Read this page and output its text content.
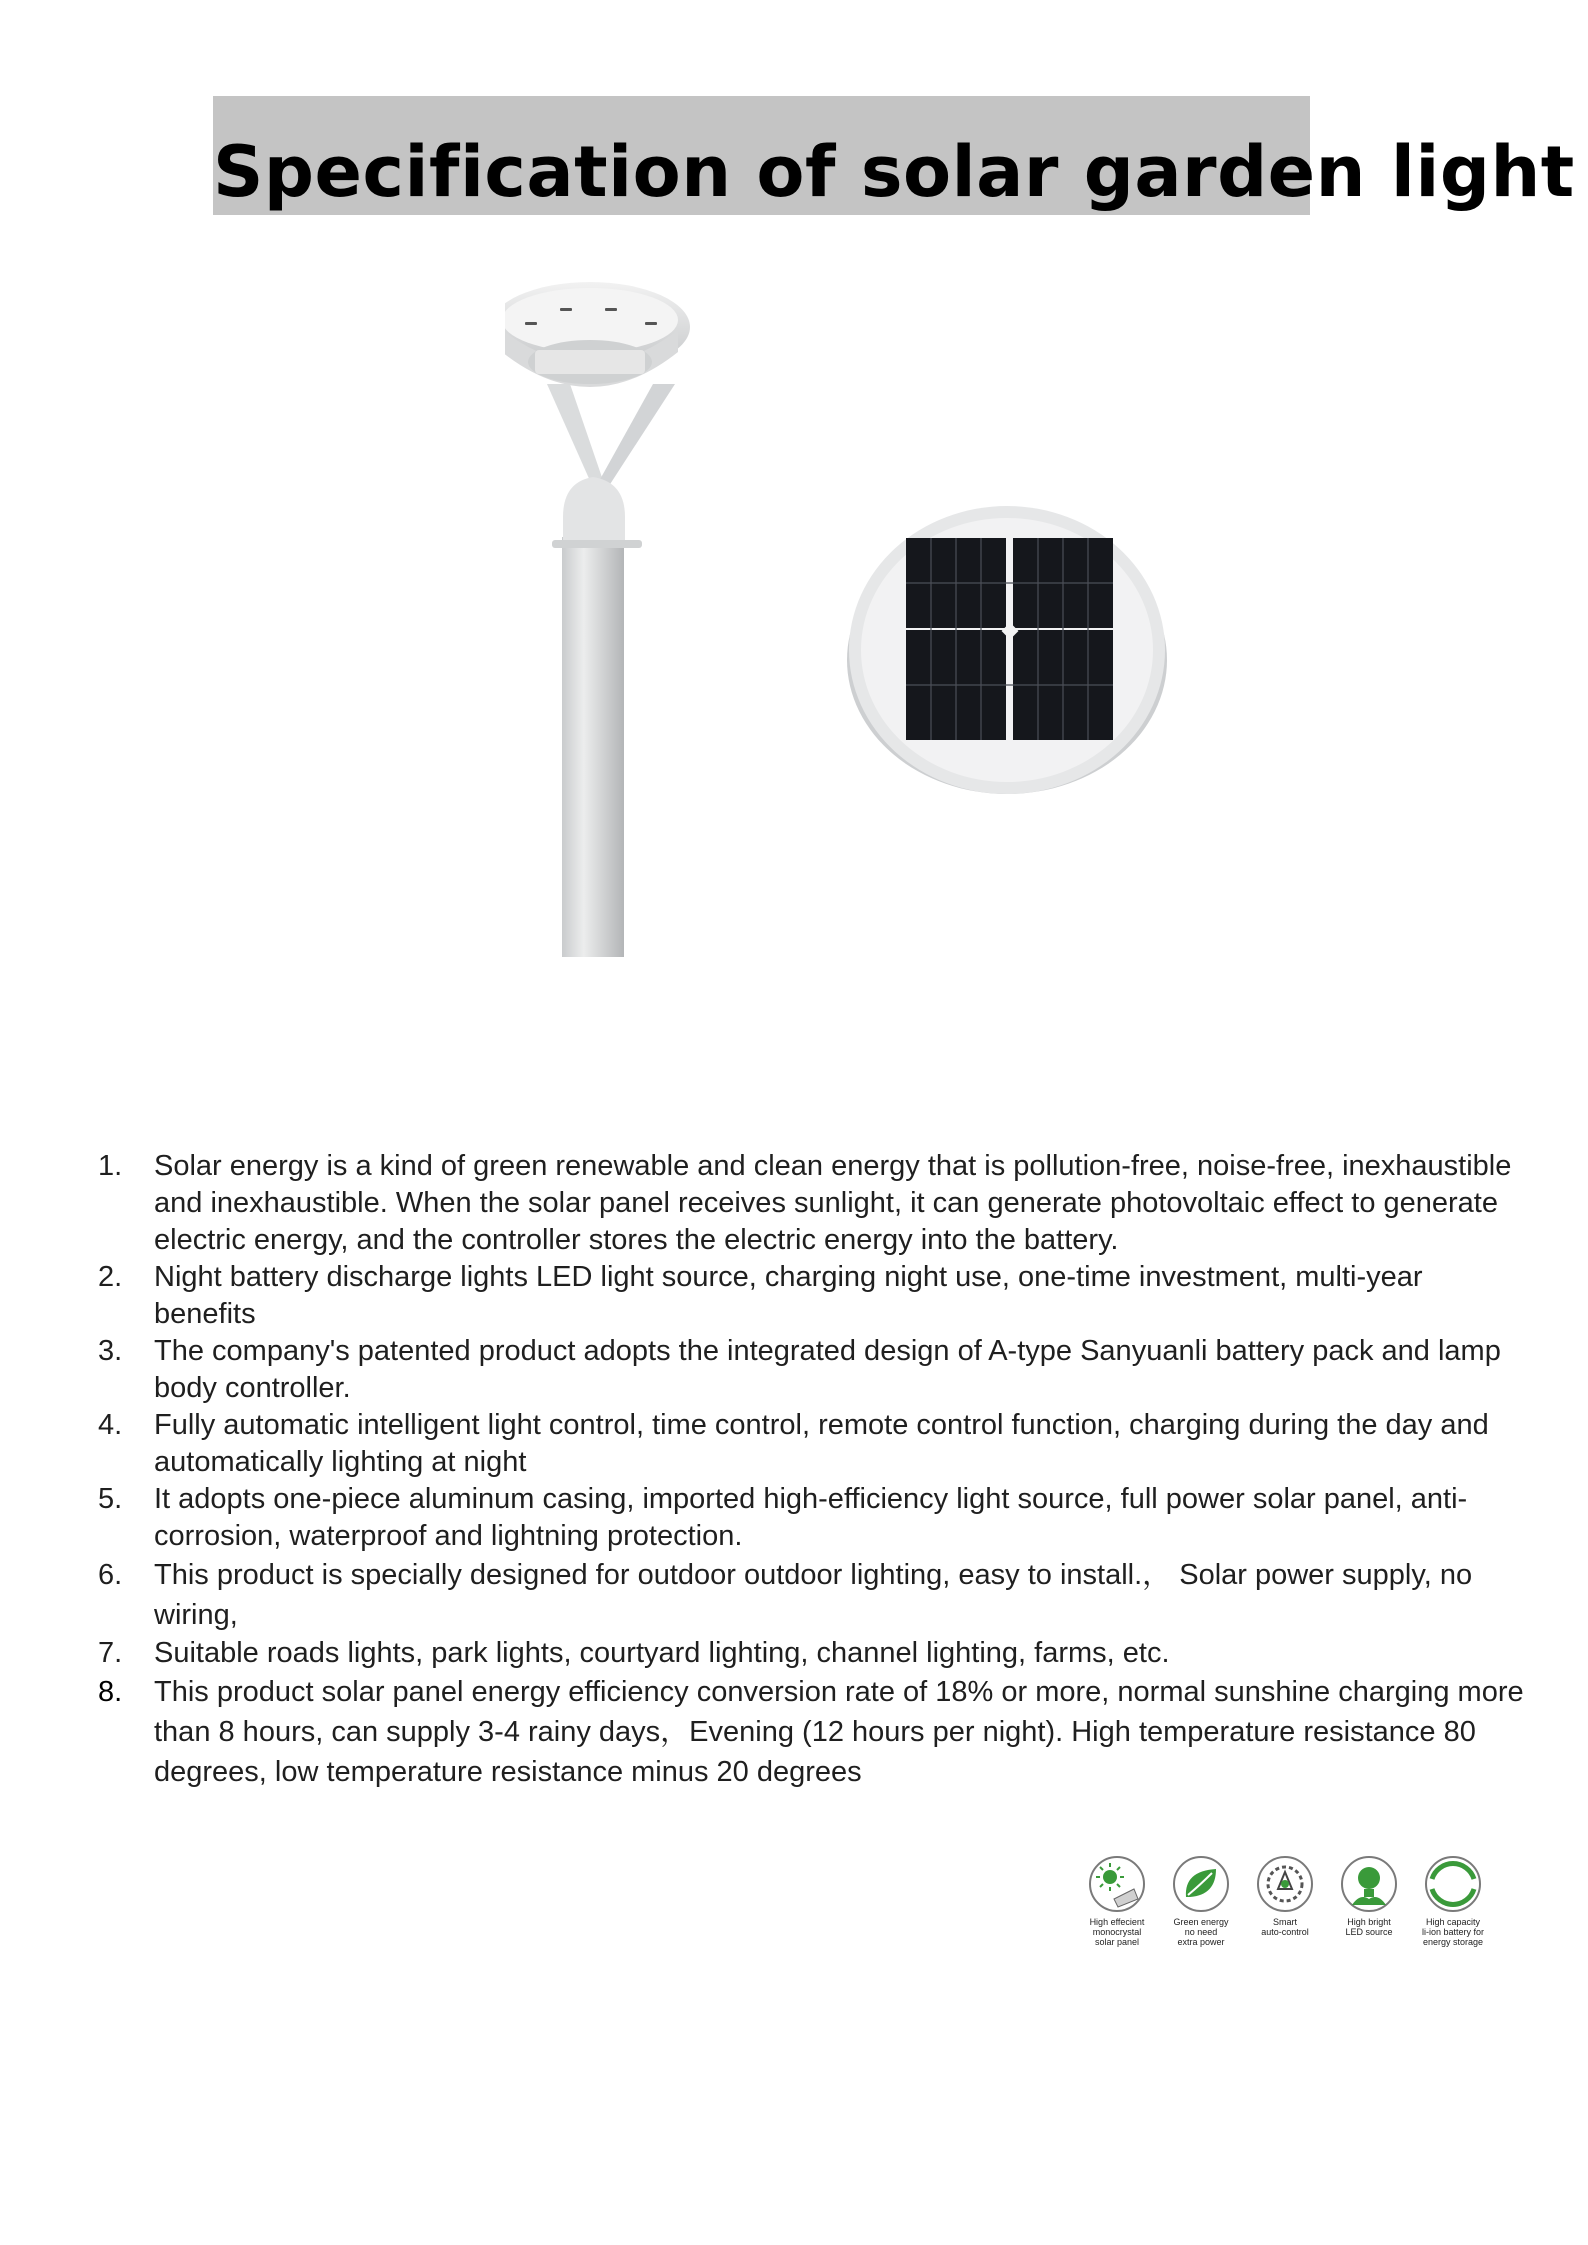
Specification of solar garden light
1. Solar energy is a kind of green renewable and clean energy that is pollution-free, noise-free, inexhaustible and inexhaustible. When the solar panel receives sunlight, it can generate photovoltaic effect to generate electric energy, and the controller stores the electric energy into the battery.
2. Night battery discharge lights LED light source, charging night use, one-time investment, multi-year benefits
3. The company's patented product adopts the integrated design of A-type Sanyuanli battery pack and lamp body controller.
4. Fully automatic intelligent light control, time control, remote control function, charging during the day and automatically lighting at night
5. It adopts one-piece aluminum casing, imported high-efficiency light source, full power solar panel, anti-corrosion, waterproof and lightning protection.
6. This product is specially designed for outdoor outdoor lighting, easy to install.， Solar power supply, no wiring,
7. Suitable roads lights, park lights, courtyard lighting, channel lighting, farms, etc.
8. This product solar panel energy efficiency conversion rate of 18% or more, normal sunshine charging more than 8 hours, can supply 3-4 rainy days，Evening (12 hours per night). High temperature resistance 80 degrees, low temperature resistance minus 20 degrees
High effecient
monocrystal
solar panel
Green energy
no need
extra power
Smart
auto-control
High bright
LED source
High capacity
li-ion battery for
energy storage
